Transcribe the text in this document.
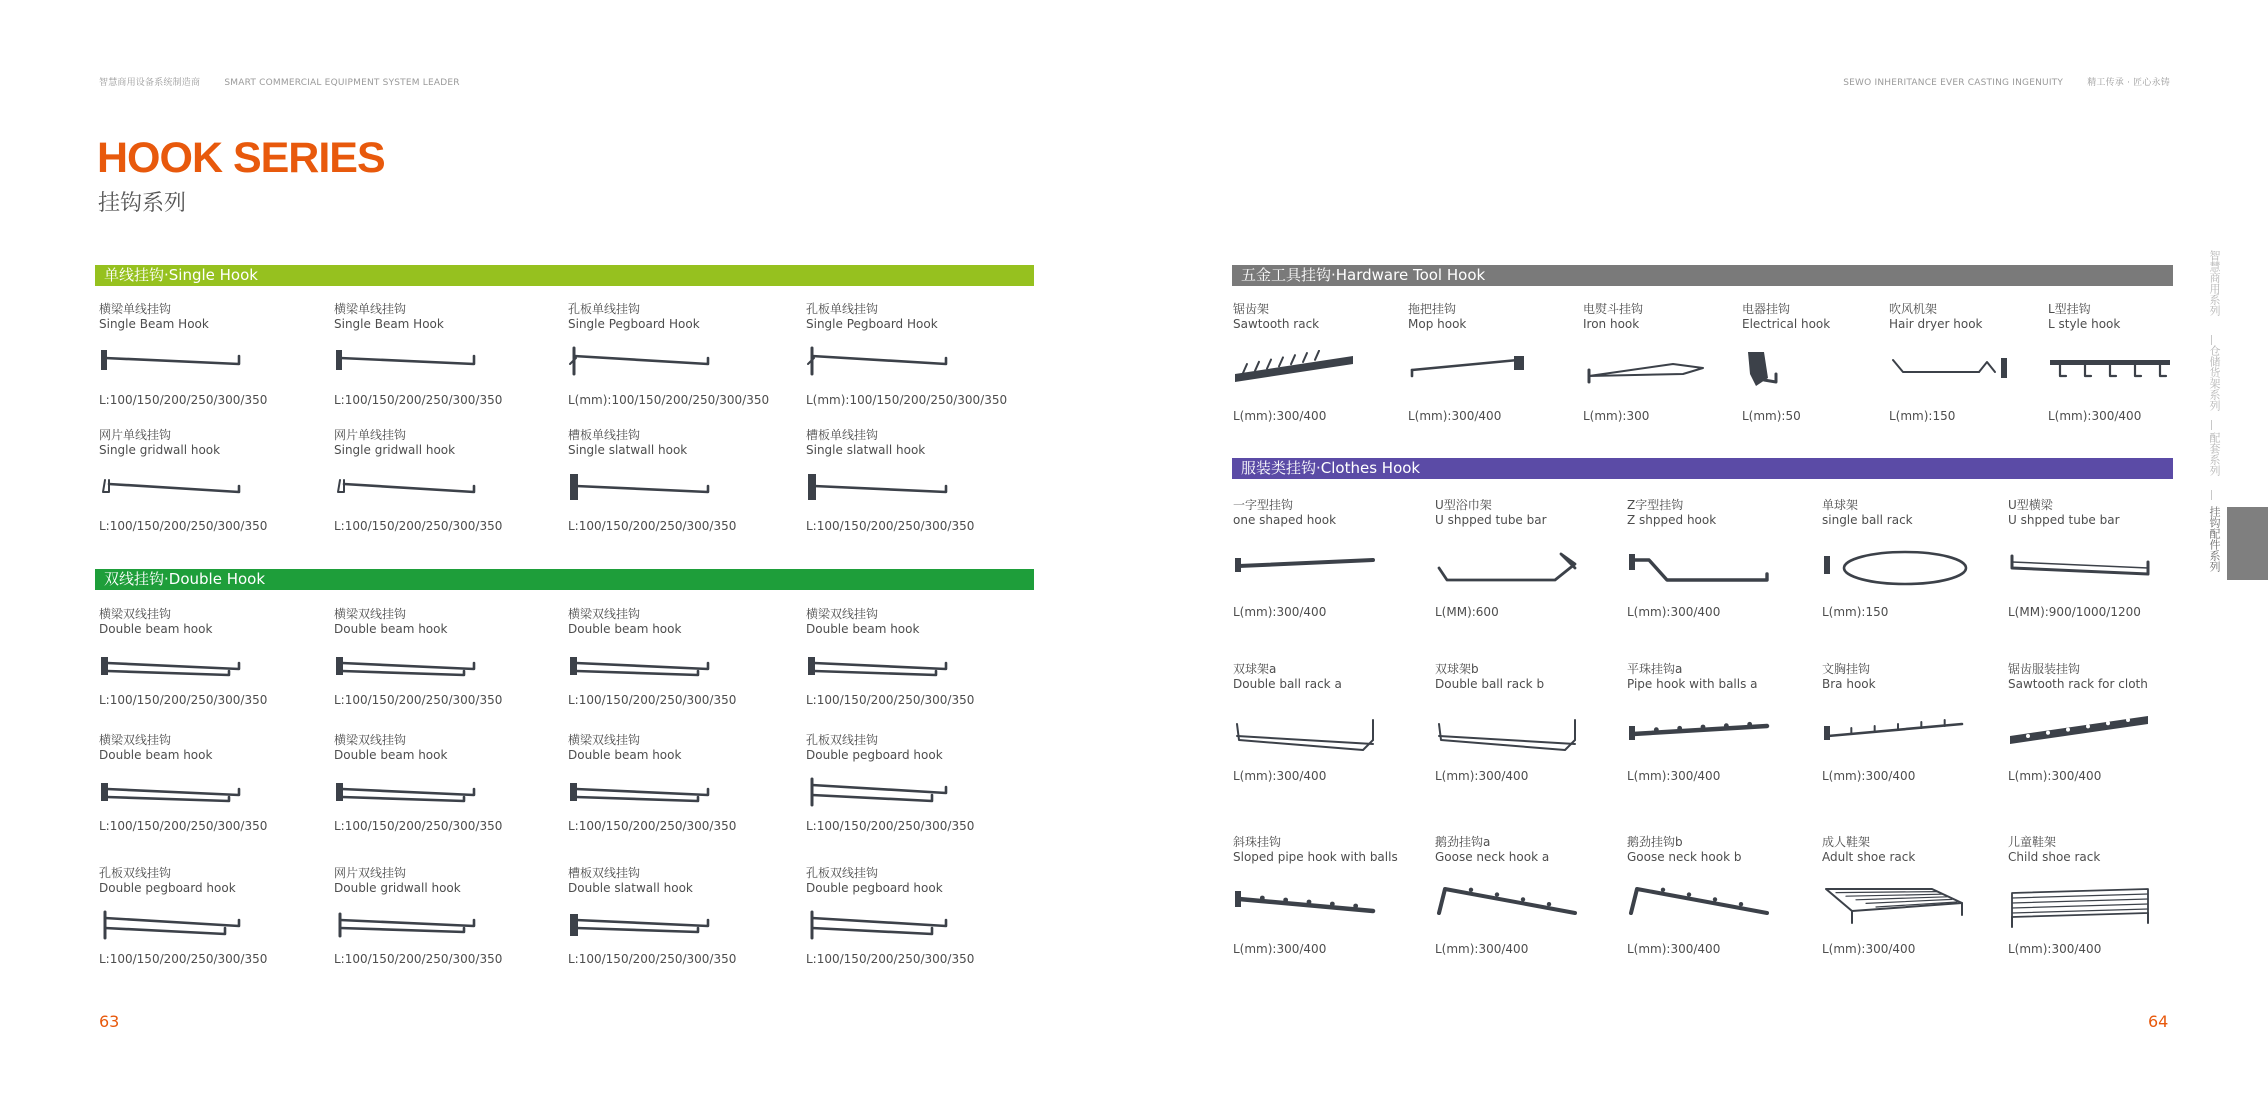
智慧商用设备系统制造商	SMART COMMERCIAL EQUIPMENT SYSTEM LEADER	SEWO INHERITANCE EVER CASTING INGENUITY	精工传承 · 匠心永铸
HOOK SERIES
挂钩系列
单线挂钩·Single Hook
双线挂钩·Double Hook
五金工具挂钩·Hardware Tool Hook
服装类挂钩·Clothes Hook
横梁单线挂钩
Single Beam Hook
L:100/150/200/250/300/350
横梁单线挂钩
Single Beam Hook
L:100/150/200/250/300/350
孔板单线挂钩
Single Pegboard Hook
L(mm):100/150/200/250/300/350
孔板单线挂钩
Single Pegboard Hook
L(mm):100/150/200/250/300/350
网片单线挂钩
Single gridwall hook
L:100/150/200/250/300/350
网片单线挂钩
Single gridwall hook
L:100/150/200/250/300/350
槽板单线挂钩
Single slatwall hook
L:100/150/200/250/300/350
槽板单线挂钩
Single slatwall hook
L:100/150/200/250/300/350
横梁双线挂钩
Double beam hook
L:100/150/200/250/300/350
横梁双线挂钩
Double beam hook
L:100/150/200/250/300/350
横梁双线挂钩
Double beam hook
L:100/150/200/250/300/350
横梁双线挂钩
Double beam hook
L:100/150/200/250/300/350
横梁双线挂钩
Double beam hook
L:100/150/200/250/300/350
横梁双线挂钩
Double beam hook
L:100/150/200/250/300/350
横梁双线挂钩
Double beam hook
L:100/150/200/250/300/350
孔板双线挂钩
Double pegboard hook
L:100/150/200/250/300/350
孔板双线挂钩
Double pegboard hook
L:100/150/200/250/300/350
网片双线挂钩
Double gridwall hook
L:100/150/200/250/300/350
槽板双线挂钩
Double slatwall hook
L:100/150/200/250/300/350
孔板双线挂钩
Double pegboard hook
L:100/150/200/250/300/350
锯齿架
Sawtooth rack
L(mm):300/400
拖把挂钩
Mop hook
L(mm):300/400
电熨斗挂钩
Iron hook
L(mm):300
电器挂钩
Electrical hook
L(mm):50
吹风机架
Hair dryer hook
L(mm):150
L型挂钩
L style hook
L(mm):300/400
一字型挂钩
one shaped hook
L(mm):300/400
U型浴巾架
U shpped tube bar
L(MM):600
Z字型挂钩
Z shpped hook
L(mm):300/400
单球架
single ball rack
L(mm):150
U型横梁
U shpped tube bar
L(MM):900/1000/1200
双球架a
Double ball rack a
L(mm):300/400
双球架b
Double ball rack b
L(mm):300/400
平珠挂钩a
Pipe hook with balls a
L(mm):300/400
文胸挂钩
Bra hook
L(mm):300/400
锯齿服装挂钩
Sawtooth rack for cloth
L(mm):300/400
斜珠挂钩
Sloped pipe hook with balls
L(mm):300/400
鹅劲挂钩a
Goose neck hook a
L(mm):300/400
鹅劲挂钩b
Goose neck hook b
L(mm):300/400
成人鞋架
Adult shoe rack
L(mm):300/400
儿童鞋架
Child shoe rack
L(mm):300/400
63	64
智慧商用系列
仓储货架系列
配套系列
挂钩配件系列
